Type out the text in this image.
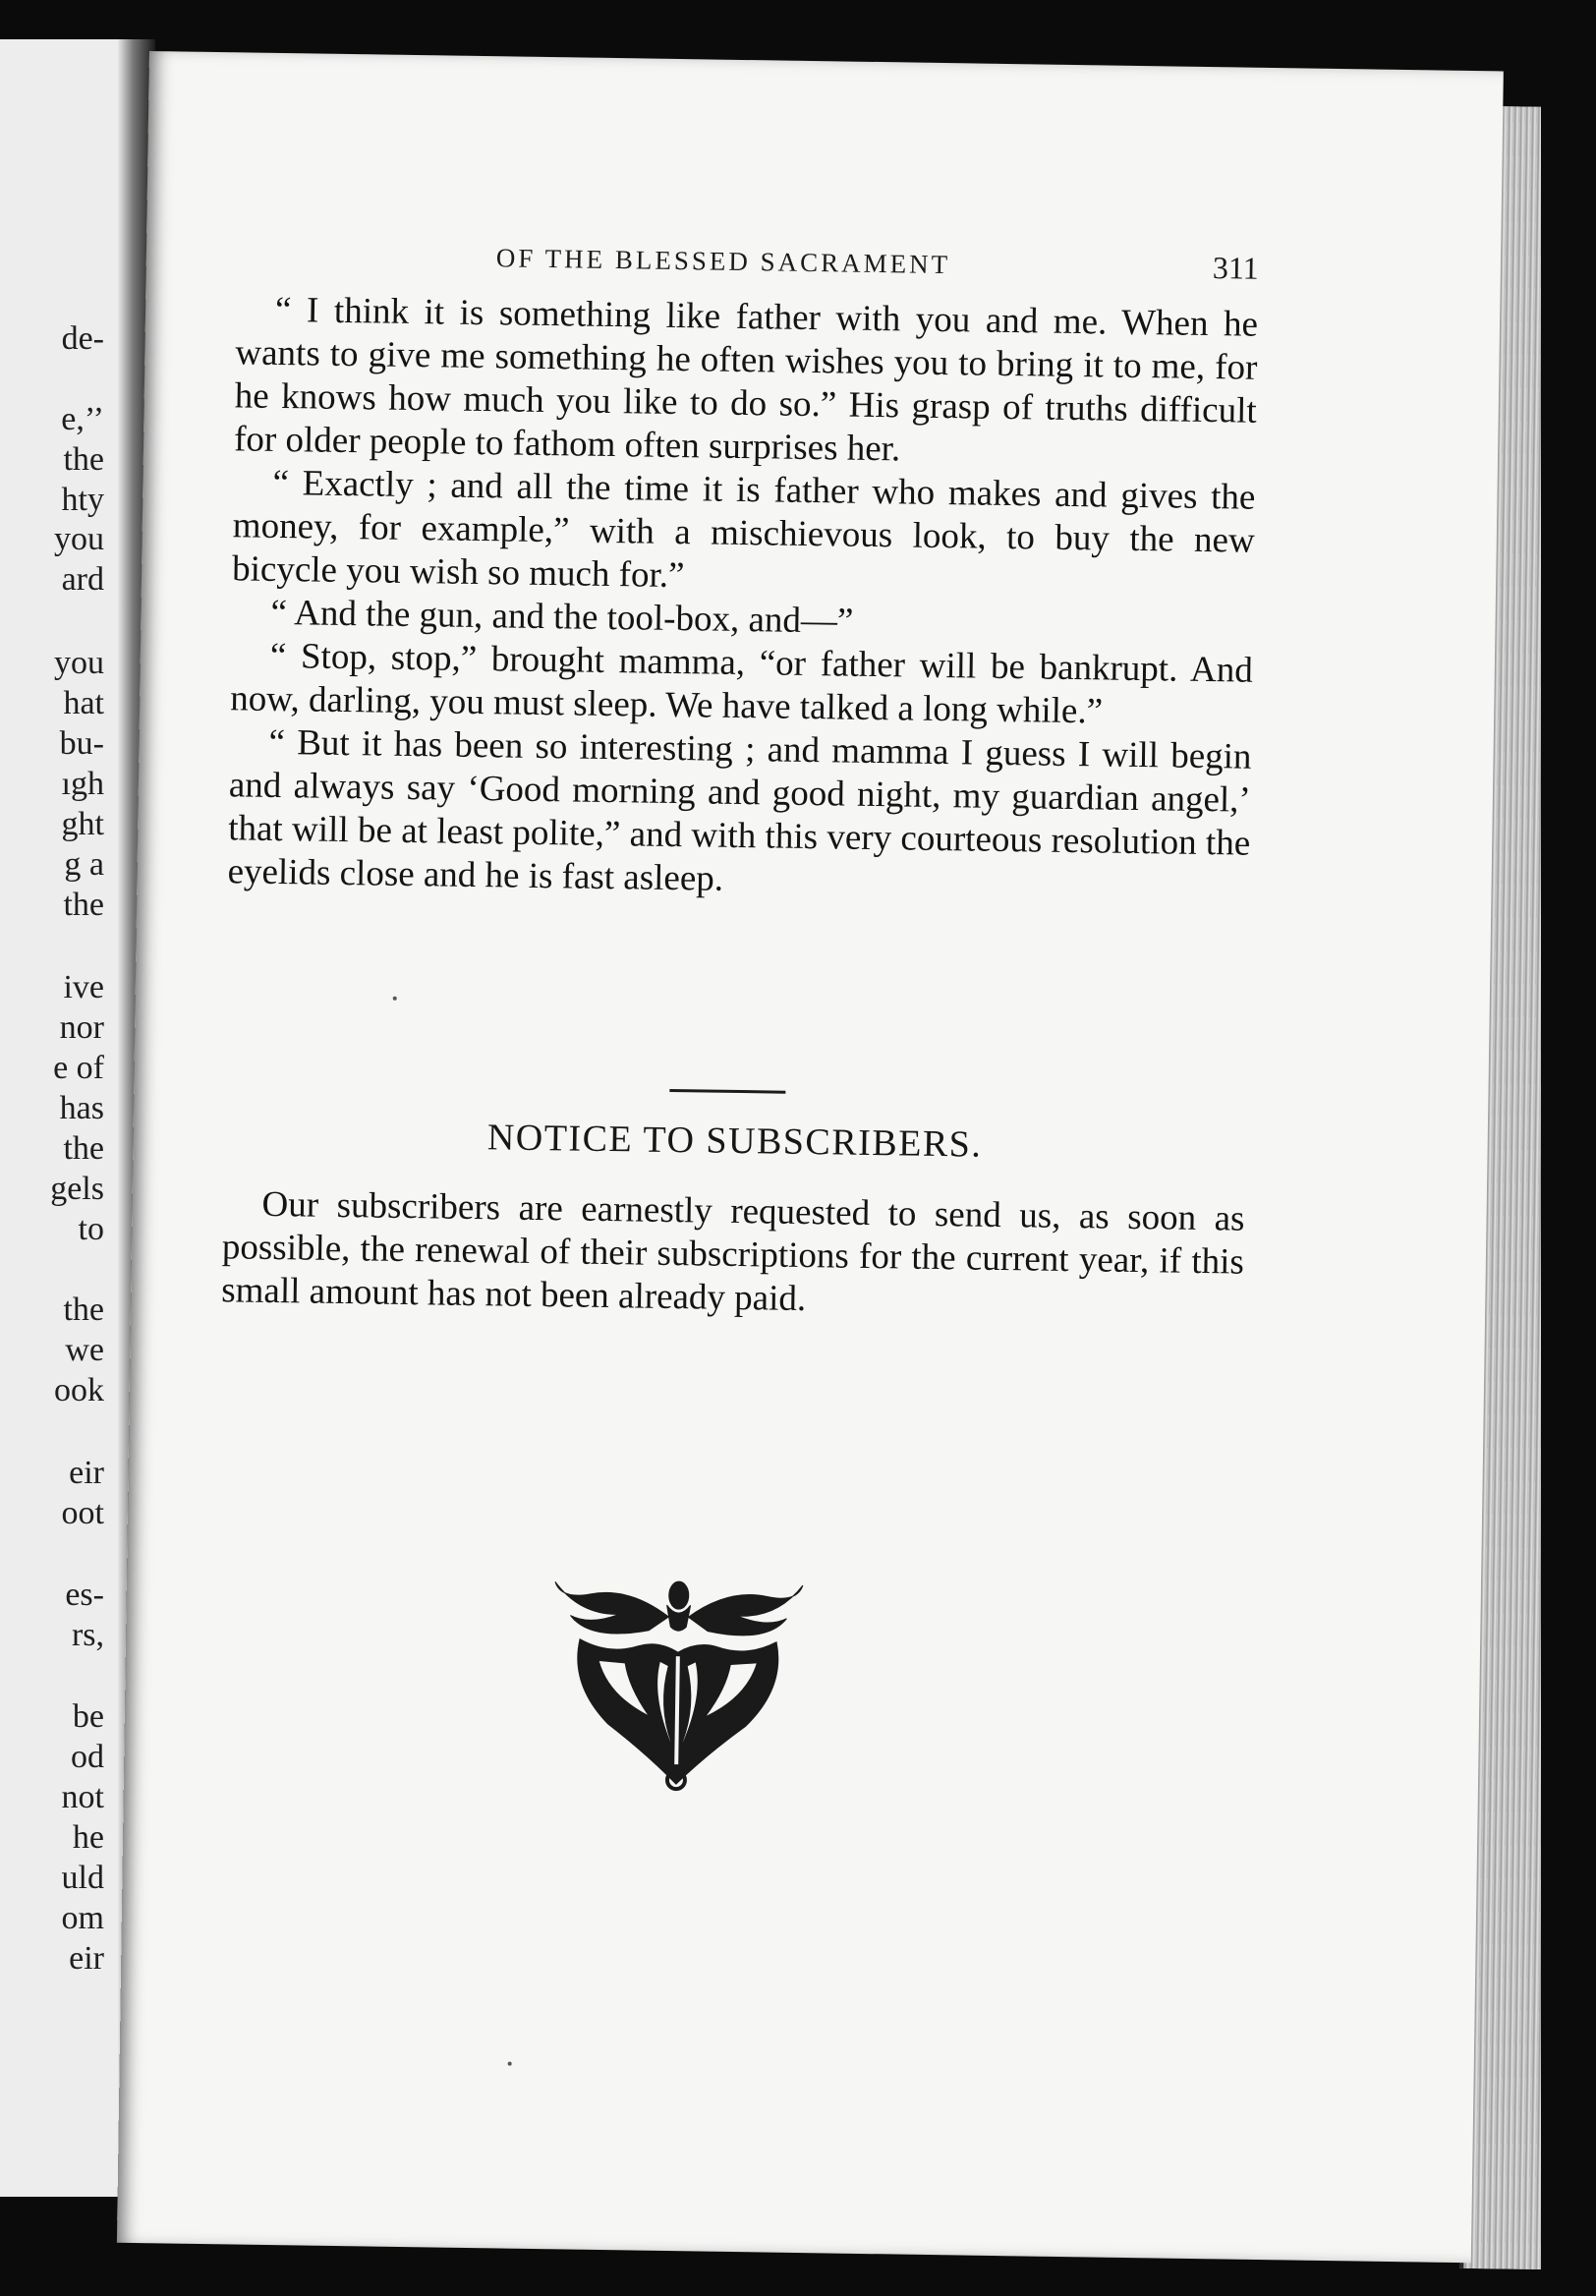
de-
e,’’
the
hty
you
ard
you
hat
bu-
ıgh
ght
g a
the
ive
nor
e of
has
the
gels
to
the
we
ook
eir
oot
es-
rs,
be
od
not
he
uld
om
eir
OF THE BLESSED SACRAMENT	311

“ I think it is something like father with you and me. When he wants to give me something he often wishes you to bring it to me, for he knows how much you like to do so.” His grasp of truths difficult for older people to fathom often surprises her.

“ Exactly ; and all the time it is father who makes and gives the money, for example,” with a mischievous look, to buy the new bicycle you wish so much for.”

“ And the gun, and the tool-box, and—”

“ Stop, stop,” brought mamma, “or father will be bankrupt. And now, darling, you must sleep. We have talked a long while.”

“ But it has been so interesting ; and mamma I guess I will begin and always say ‘Good morning and good night, my guardian angel,’ that will be at least polite,” and with this very courteous resolution the eyelids close and he is fast asleep.

NOTICE TO SUBSCRIBERS.

Our subscribers are earnestly requested to send us, as soon as possible, the renewal of their subscriptions for the current year, if this small amount has not been already paid.
